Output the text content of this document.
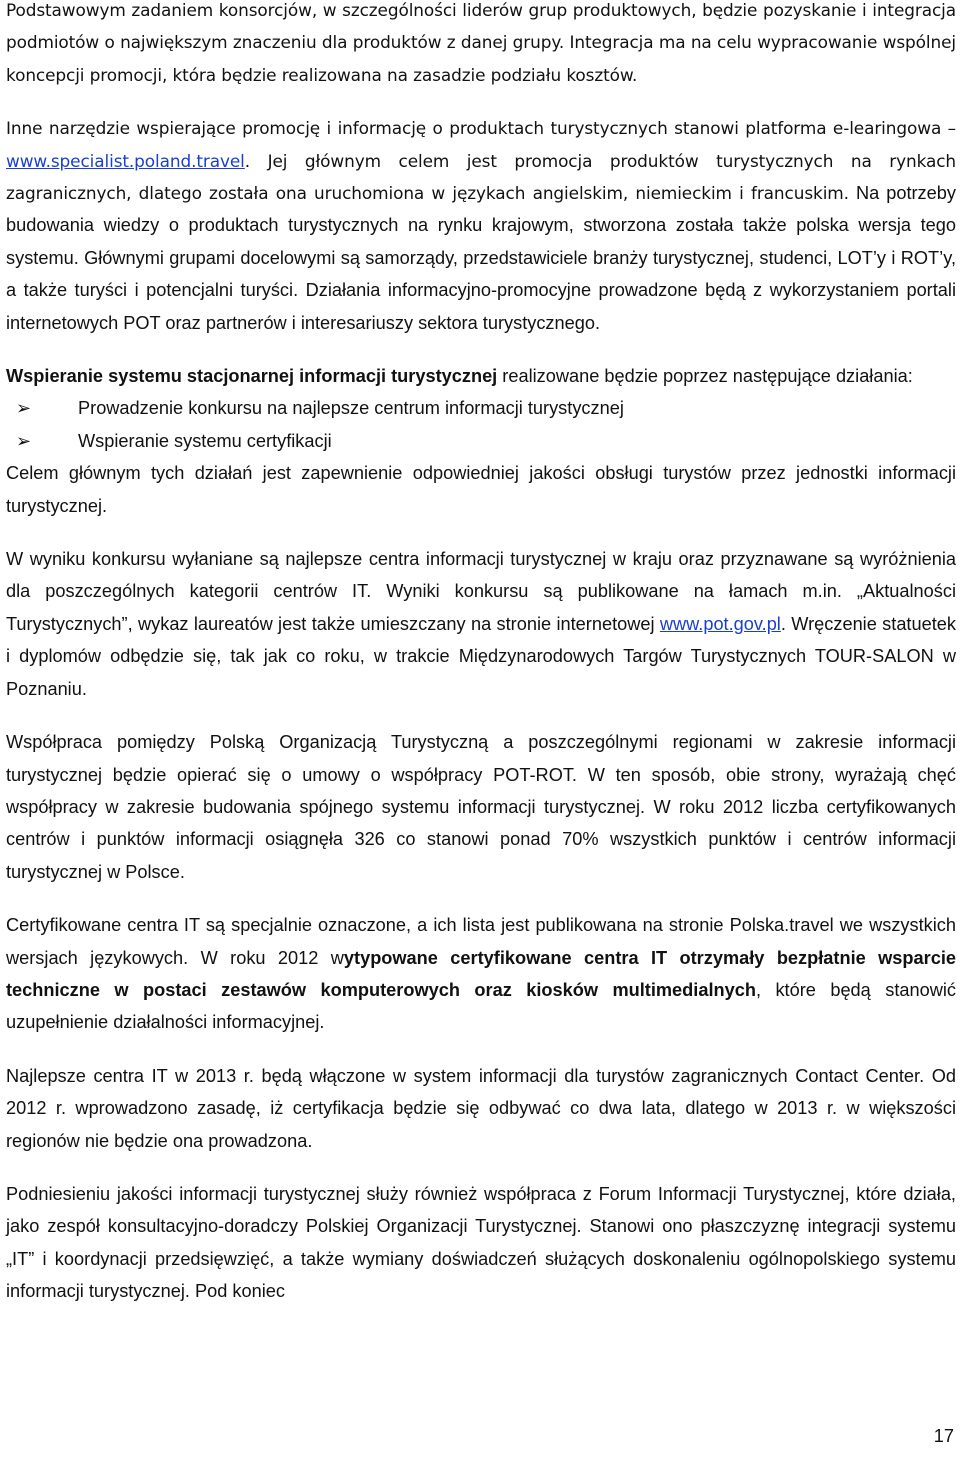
Podstawowym zadaniem konsorcjów, w szczególności liderów grup produktowych, będzie pozyskanie i integracja podmiotów o największym znaczeniu dla produktów z danej grupy. Integracja ma na celu wypracowanie wspólnej koncepcji promocji, która będzie realizowana na zasadzie podziału kosztów.

Inne narzędzie wspierające promocję i informację o produktach turystycznych stanowi platforma e-learingowa – www.specialist.poland.travel. Jej głównym celem jest promocja produktów turystycznych na rynkach zagranicznych, dlatego została ona uruchomiona w językach angielskim, niemieckim i francuskim. Na potrzeby budowania wiedzy o produktach turystycznych na rynku krajowym, stworzona została także polska wersja tego systemu. Głównymi grupami docelowymi są samorządy, przedstawiciele branży turystycznej, studenci, LOT’y i ROT’y, a także turyści i potencjalni turyści. Działania informacyjno-promocyjne prowadzone będą z wykorzystaniem portali internetowych POT oraz partnerów i interesariuszy sektora turystycznego.

Wspieranie systemu stacjonarnej informacji turystycznej realizowane będzie poprzez następujące działania:

➢	Prowadzenie konkursu na najlepsze centrum informacji turystycznej
➢	Wspieranie systemu certyfikacji

Celem głównym tych działań jest zapewnienie odpowiedniej jakości obsługi turystów przez jednostki informacji turystycznej.

W wyniku konkursu wyłaniane są najlepsze centra informacji turystycznej w kraju oraz przyznawane są wyróżnienia dla poszczególnych kategorii centrów IT. Wyniki konkursu są publikowane na łamach m.in. „Aktualności Turystycznych”, wykaz laureatów jest także umieszczany na stronie internetowej www.pot.gov.pl. Wręczenie statuetek i dyplomów odbędzie się, tak jak co roku, w trakcie Międzynarodowych Targów Turystycznych TOUR-SALON w Poznaniu.

Współpraca pomiędzy Polską Organizacją Turystyczną a poszczególnymi regionami w zakresie informacji turystycznej będzie opierać się o umowy o współpracy POT-ROT. W ten sposób, obie strony, wyrażają chęć współpracy w zakresie budowania spójnego systemu informacji turystycznej. W roku 2012 liczba certyfikowanych centrów i punktów informacji osiągnęła 326 co stanowi ponad 70% wszystkich punktów i centrów informacji turystycznej w Polsce.

Certyfikowane centra IT są specjalnie oznaczone, a ich lista jest publikowana na stronie Polska.travel we wszystkich wersjach językowych. W roku 2012 wytypowane certyfikowane centra IT otrzymały bezpłatnie wsparcie techniczne w postaci zestawów komputerowych oraz kiosków multimedialnych, które będą stanowić uzupełnienie działalności informacyjnej.

Najlepsze centra IT w 2013 r. będą włączone w system informacji dla turystów zagranicznych Contact Center. Od 2012 r. wprowadzono zasadę, iż certyfikacja będzie się odbywać co dwa lata, dlatego w 2013 r. w większości regionów nie będzie ona prowadzona.

Podniesieniu jakości informacji turystycznej służy również współpraca z Forum Informacji Turystycznej, które działa, jako zespół konsultacyjno-doradczy Polskiej Organizacji Turystycznej. Stanowi ono płaszczyznę integracji systemu „IT” i koordynacji przedsięwzięć, a także wymiany doświadczeń służących doskonaleniu ogólnopolskiego systemu informacji turystycznej. Pod koniec

17
